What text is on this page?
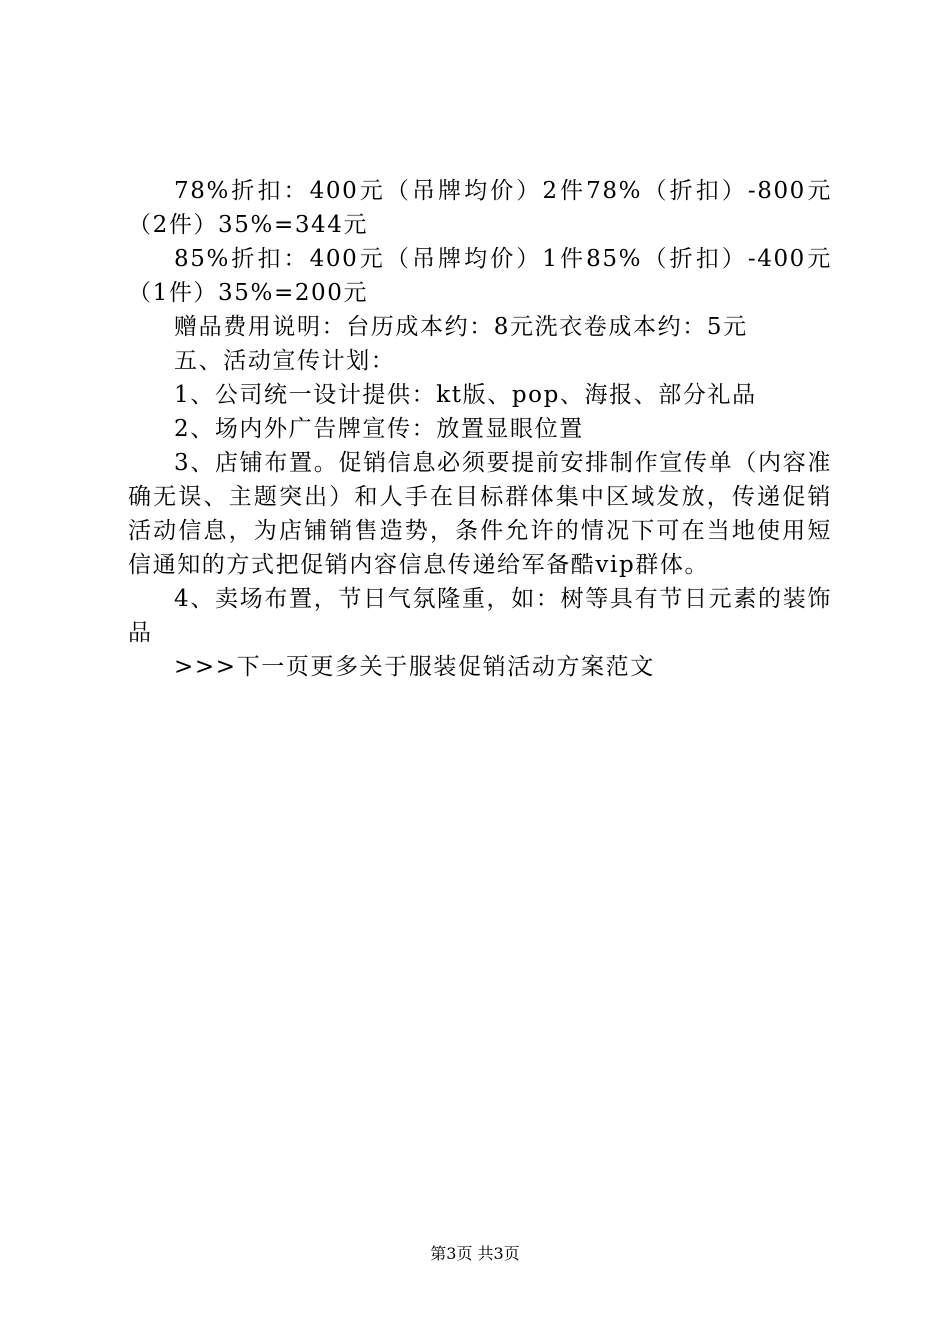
78%折扣：400元（吊牌均价）2件78%（折扣）-800元（2件）35%=344元

85%折扣：400元（吊牌均价）1件85%（折扣）-400元（1件）35%=200元

赠品费用说明：台历成本约：8元洗衣卷成本约：5元

五、活动宣传计划：

1、公司统一设计提供：kt版、pop、海报、部分礼品

2、场内外广告牌宣传：放置显眼位置

3、店铺布置。促销信息必须要提前安排制作宣传单（内容准确无误、主题突出）和人手在目标群体集中区域发放，传递促销活动信息，为店铺销售造势，条件允许的情况下可在当地使用短信通知的方式把促销内容信息传递给军备酷vip群体。

4、卖场布置，节日气氛隆重，如：树等具有节日元素的装饰品

>>>下一页更多关于服装促销活动方案范文

第3页 共3页
